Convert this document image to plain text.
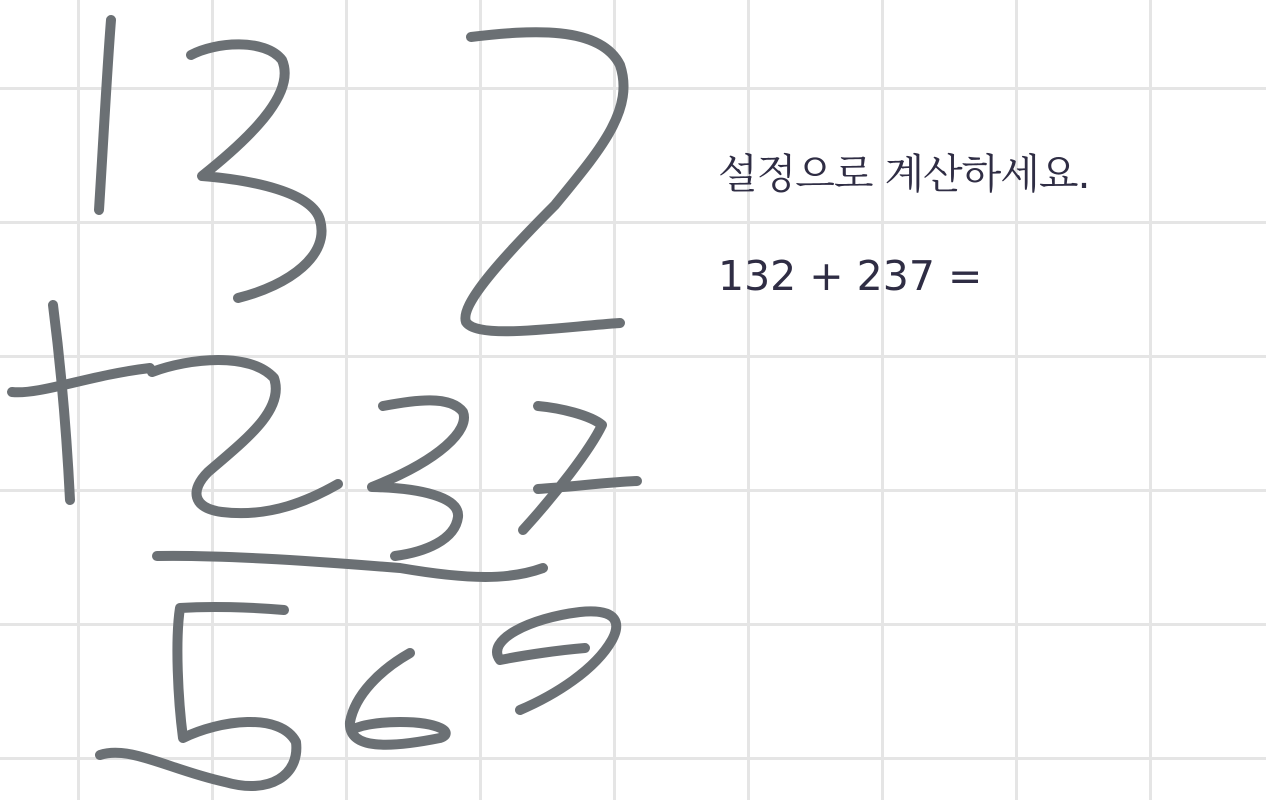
설정으로 계산하세요.

132 + 237 =
